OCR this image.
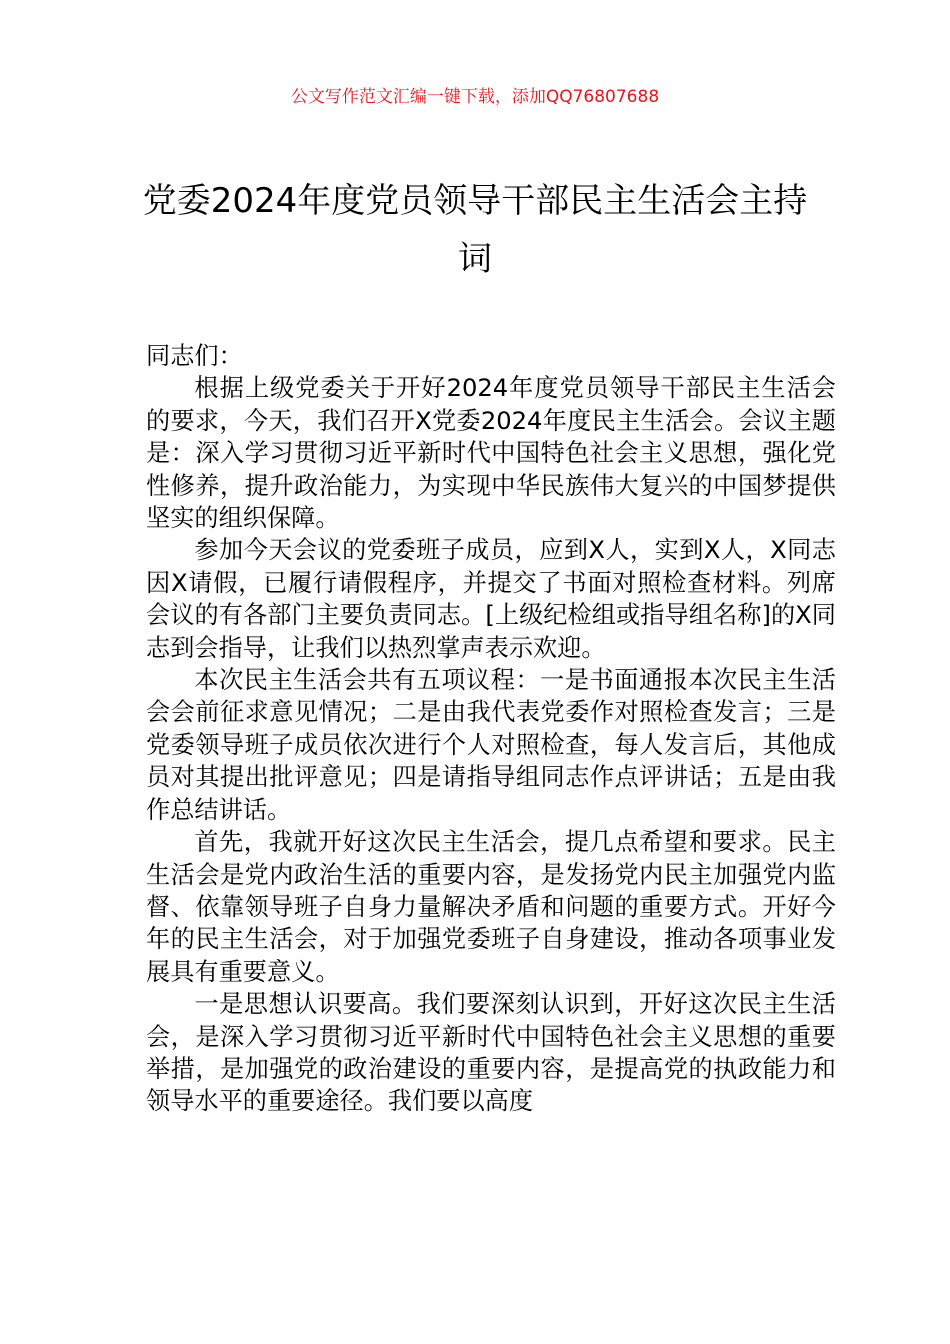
公文写作范文汇编一键下载，添加QQ76807688
党委2024年度党员领导干部民主生活会主持词

同志们：

根据上级党委关于开好2024年度党员领导干部民主生活会的要求，今天，我们召开X党委2024年度民主生活会。会议主题是：深入学习贯彻习近平新时代中国特色社会主义思想，强化党性修养，提升政治能力，为实现中华民族伟大复兴的中国梦提供坚实的组织保障。

参加今天会议的党委班子成员，应到X人，实到X人，X同志因X请假，已履行请假程序，并提交了书面对照检查材料。列席会议的有各部门主要负责同志。[上级纪检组或指导组名称]的X同志到会指导，让我们以热烈掌声表示欢迎。

本次民主生活会共有五项议程：一是书面通报本次民主生活会会前征求意见情况；二是由我代表党委作对照检查发言；三是党委领导班子成员依次进行个人对照检查，每人发言后，其他成员对其提出批评意见；四是请指导组同志作点评讲话；五是由我作总结讲话。

首先，我就开好这次民主生活会，提几点希望和要求。民主生活会是党内政治生活的重要内容，是发扬党内民主加强党内监督、依靠领导班子自身力量解决矛盾和问题的重要方式。开好今年的民主生活会，对于加强党委班子自身建设，推动各项事业发展具有重要意义。

一是思想认识要高。我们要深刻认识到，开好这次民主生活会，是深入学习贯彻习近平新时代中国特色社会主义思想的重要举措，是加强党的政治建设的重要内容，是提高党的执政能力和领导水平的重要途径。我们要以高度
